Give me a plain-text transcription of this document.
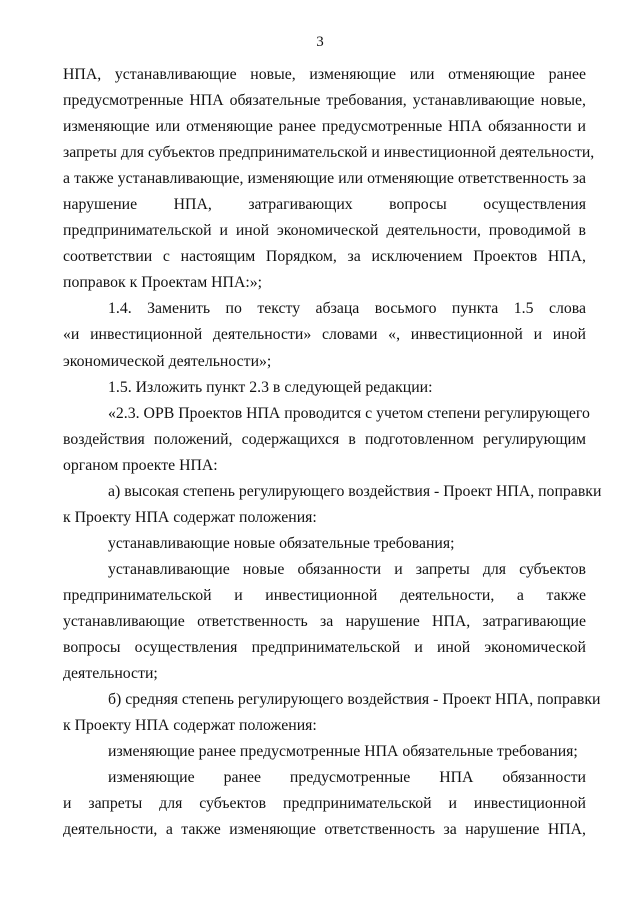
3
НПА, устанавливающие новые, изменяющие или отменяющие ранее
предусмотренные НПА обязательные требования, устанавливающие новые,
изменяющие или отменяющие ранее предусмотренные НПА обязанности и
запреты для субъектов предпринимательской и инвестиционной деятельности,
а также устанавливающие, изменяющие или отменяющие ответственность за
нарушение НПА, затрагивающих вопросы осуществления
предпринимательской и иной экономической деятельности, проводимой в
соответствии с настоящим Порядком, за исключением Проектов НПА,
поправок к Проектам НПА:»;
1.4. Заменить по тексту абзаца восьмого пункта 1.5 слова
«и инвестиционной деятельности» словами «, инвестиционной и иной
экономической деятельности»;
1.5. Изложить пункт 2.3 в следующей редакции:
«2.3. ОРВ Проектов НПА проводится с учетом степени регулирующего
воздействия положений, содержащихся в подготовленном регулирующим
органом проекте НПА:
а) высокая степень регулирующего воздействия - Проект НПА, поправки
к Проекту НПА содержат положения:
устанавливающие новые обязательные требования;
устанавливающие новые обязанности и запреты для субъектов
предпринимательской и инвестиционной деятельности, а также
устанавливающие ответственность за нарушение НПА, затрагивающие
вопросы осуществления предпринимательской и иной экономической
деятельности;
б) средняя степень регулирующего воздействия - Проект НПА, поправки
к Проекту НПА содержат положения:
изменяющие ранее предусмотренные НПА обязательные требования;
изменяющие ранее предусмотренные НПА обязанности
и запреты для субъектов предпринимательской и инвестиционной
деятельности, а также изменяющие ответственность за нарушение НПА,
